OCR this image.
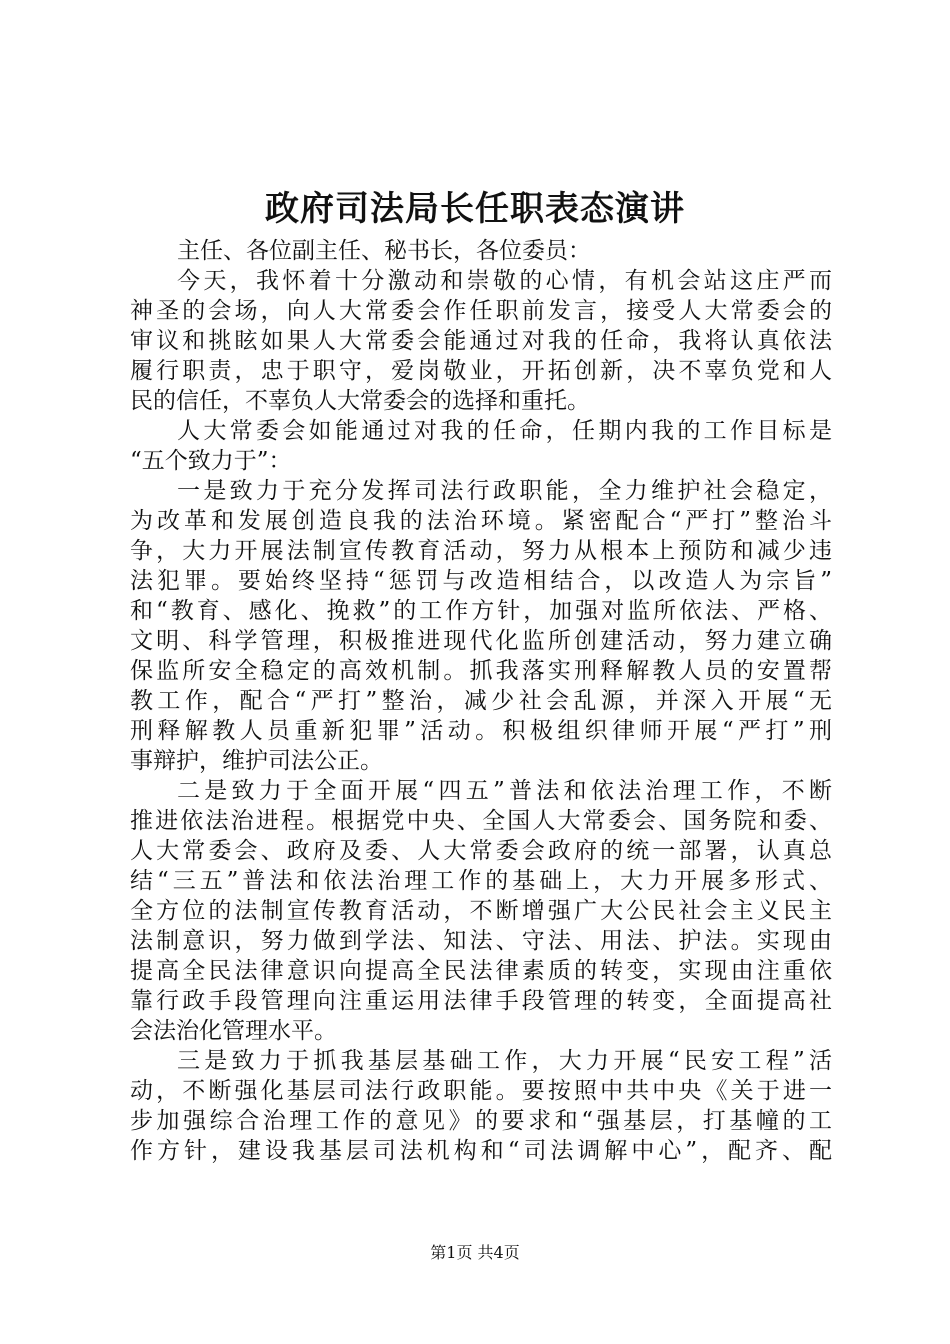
政府司法局长任职表态演讲
主任、各位副主任、秘书长，各位委员：
今天，我怀着十分激动和崇敬的心情，有机会站这庄严而
神圣的会场，向人大常委会作任职前发言，接受人大常委会的
审议和挑眩如果人大常委会能通过对我的任命，我将认真依法
履行职责，忠于职守，爱岗敬业，开拓创新，决不辜负党和人
民的信任，不辜负人大常委会的选择和重托。
人大常委会如能通过对我的任命，任期内我的工作目标是
“五个致力于”：
一是致力于充分发挥司法行政职能，全力维护社会稳定，
为改革和发展创造良我的法治环境。紧密配合“严打”整治斗
争，大力开展法制宣传教育活动，努力从根本上预防和减少违
法犯罪。要始终坚持“惩罚与改造相结合，以改造人为宗旨”
和“教育、感化、挽救”的工作方针，加强对监所依法、严格、
文明、科学管理，积极推进现代化监所创建活动，努力建立确
保监所安全稳定的高效机制。抓我落实刑释解教人员的安置帮
教工作，配合“严打”整治，减少社会乱源，并深入开展“无
刑释解教人员重新犯罪”活动。积极组织律师开展“严打”刑
事辩护，维护司法公正。
二是致力于全面开展“四五”普法和依法治理工作，不断
推进依法治进程。根据党中央、全国人大常委会、国务院和委、
人大常委会、政府及委、人大常委会政府的统一部署，认真总
结“三五”普法和依法治理工作的基础上，大力开展多形式、
全方位的法制宣传教育活动，不断增强广大公民社会主义民主
法制意识，努力做到学法、知法、守法、用法、护法。实现由
提高全民法律意识向提高全民法律素质的转变，实现由注重依
靠行政手段管理向注重运用法律手段管理的转变，全面提高社
会法治化管理水平。
三是致力于抓我基层基础工作，大力开展“民安工程”活
动，不断强化基层司法行政职能。要按照中共中央《关于进一
步加强综合治理工作的意见》的要求和“强基层，打基幢的工
作方针，建设我基层司法机构和“司法调解中心”，配齐、配
第1页 共4页
